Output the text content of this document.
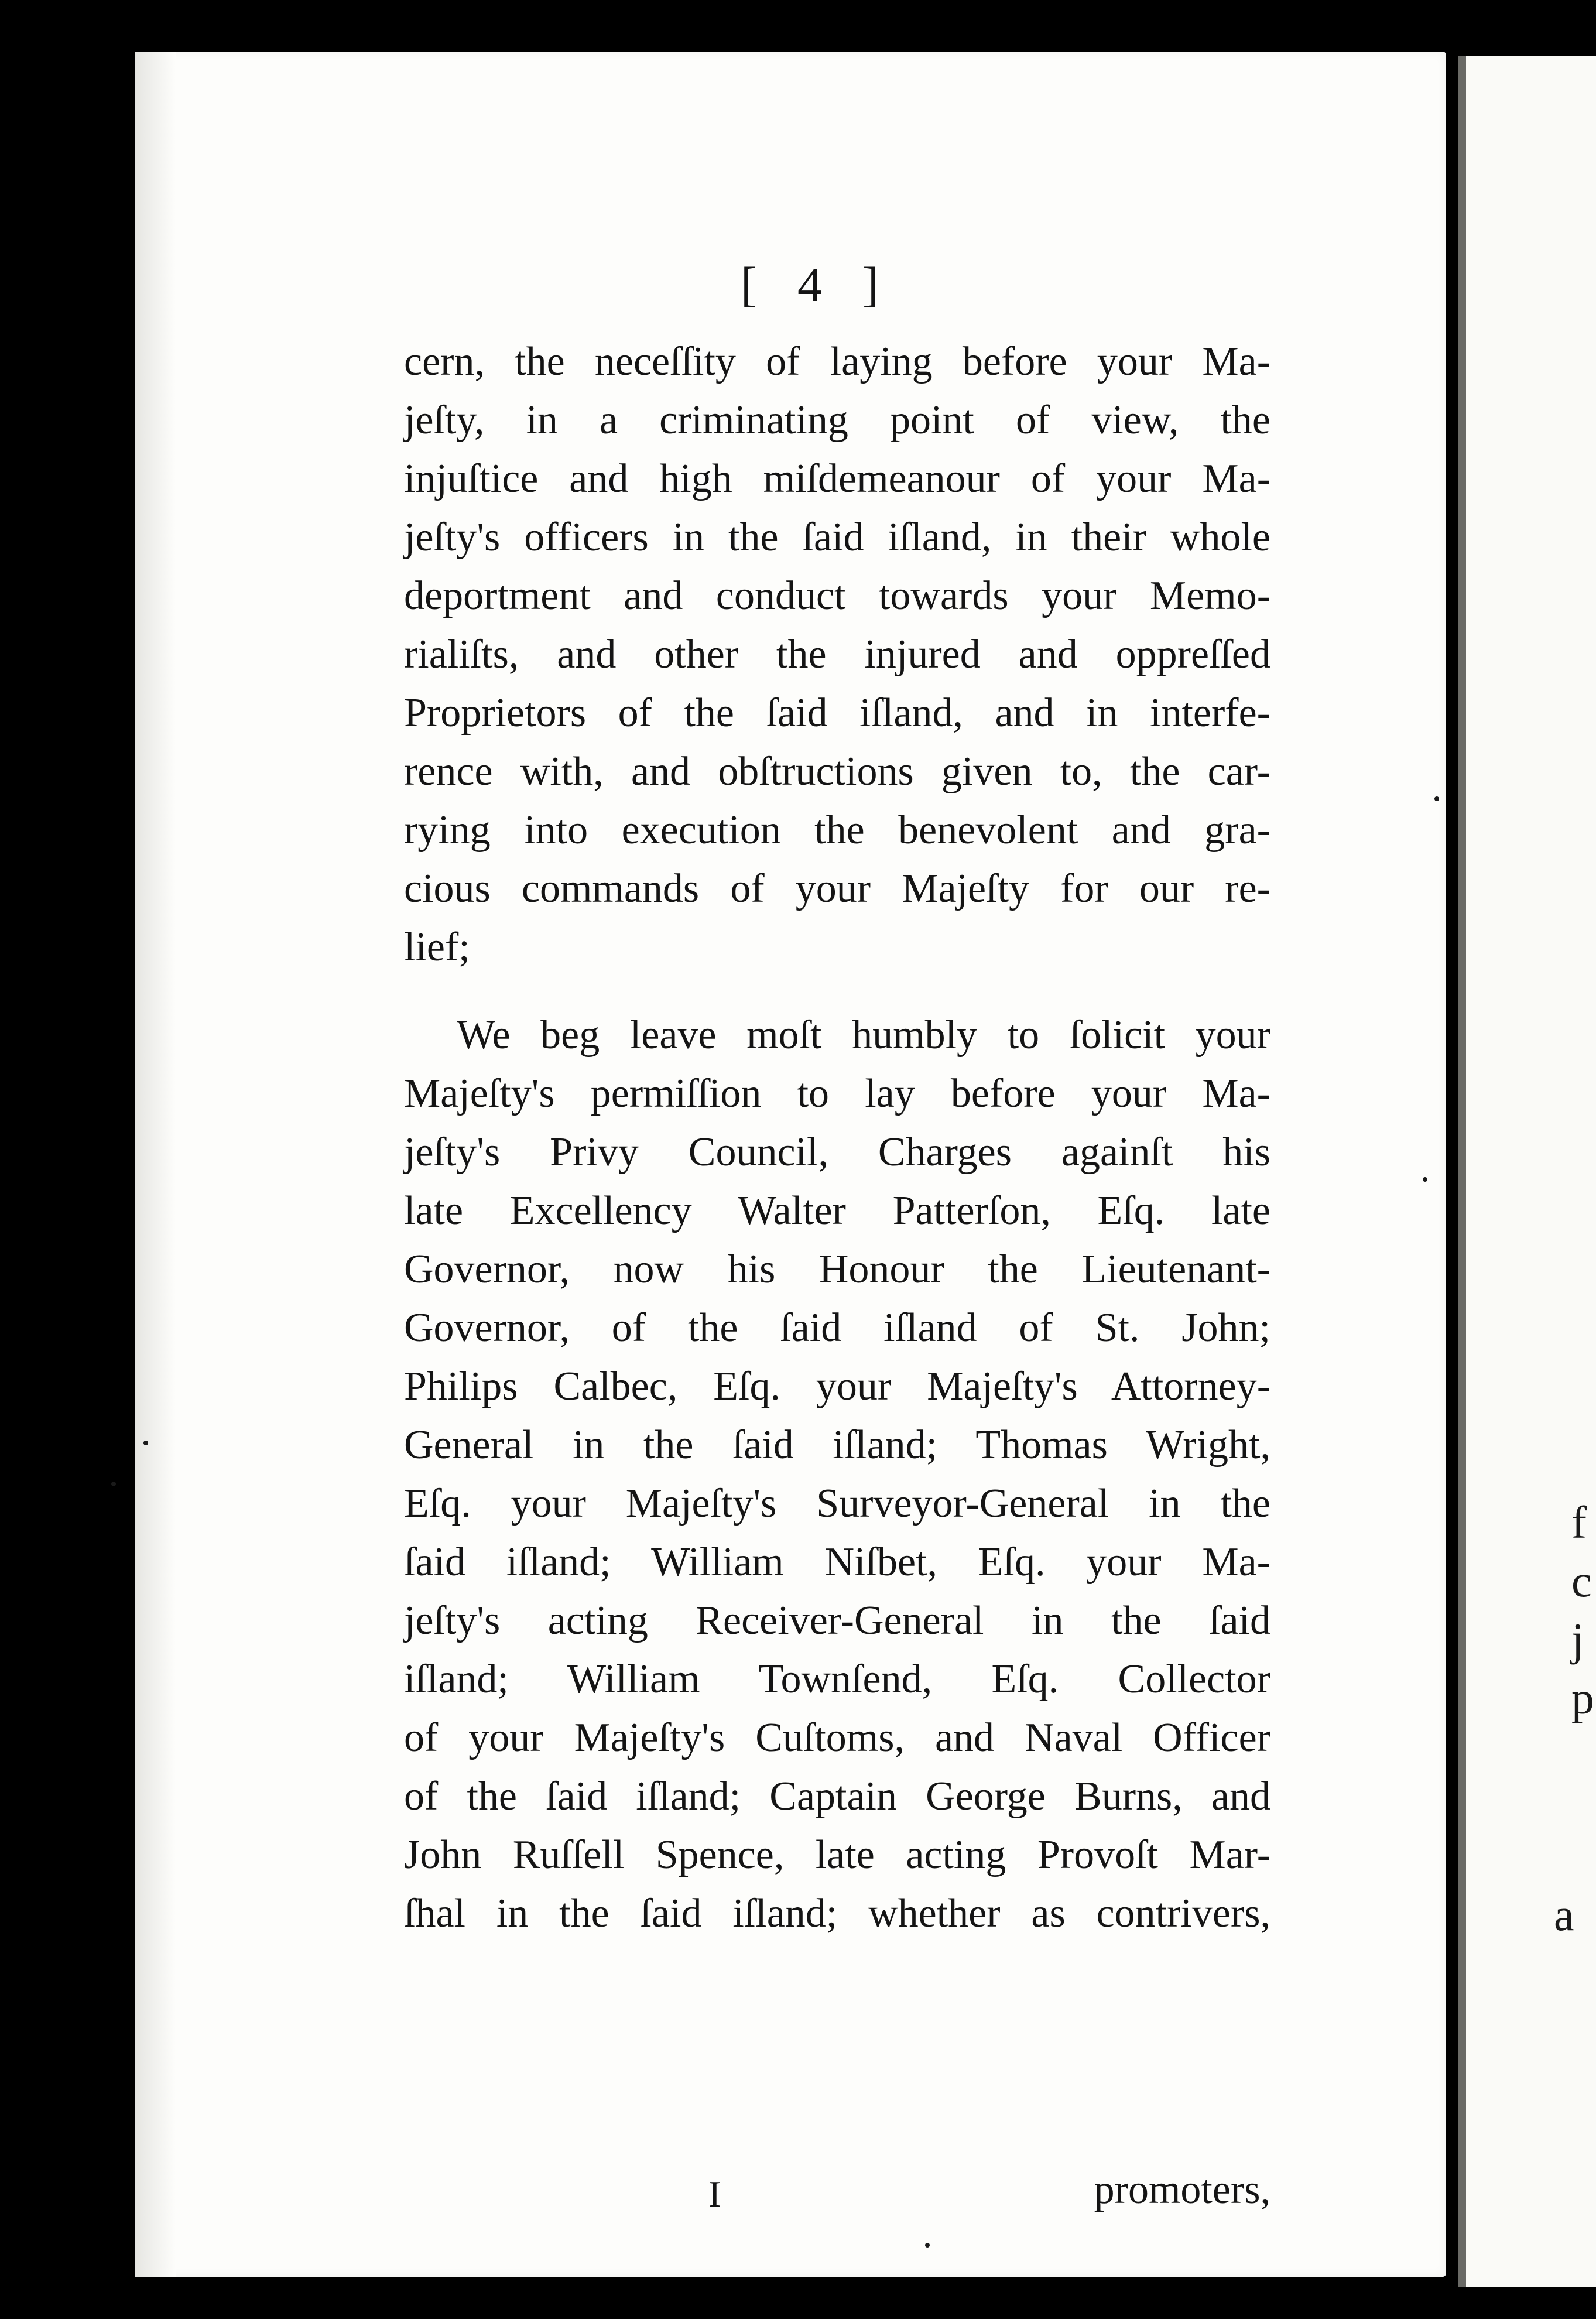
f
c
j
p
a
[ 4 ]
cern, the neceſſity of laying before your Ma-
jeſty, in a criminating point of view, the
injuſtice and high miſdemeanour of your Ma-
jeſty's officers in the ſaid iſland, in their whole
deportment and conduct towards your Memo-
rialiſts, and other the injured and oppreſſed
Proprietors of the ſaid iſland, and in interfe-
rence with, and obſtructions given to, the car-
rying into execution the benevolent and gra-
cious commands of your Majeſty for our re-
lief;
We beg leave moſt humbly to ſolicit your
Majeſty's permiſſion to lay before your Ma-
jeſty's Privy Council, Charges againſt his
late Excellency Walter Patterſon, Eſq. late
Governor, now his Honour the Lieutenant-
Governor, of the ſaid iſland of St. John;
Philips Calbec, Eſq. your Majeſty's Attorney-
General in the ſaid iſland; Thomas Wright,
Eſq. your Majeſty's Surveyor-General in the
ſaid iſland; William Niſbet, Eſq. your Ma-
jeſty's acting Receiver-General in the ſaid
iſland; William Townſend, Eſq. Collector
of your Majeſty's Cuſtoms, and Naval Officer
of the ſaid iſland; Captain George Burns, and
John Ruſſell Spence, late acting Provoſt Mar-
ſhal in the ſaid iſland; whether as contrivers,
I	promoters,
